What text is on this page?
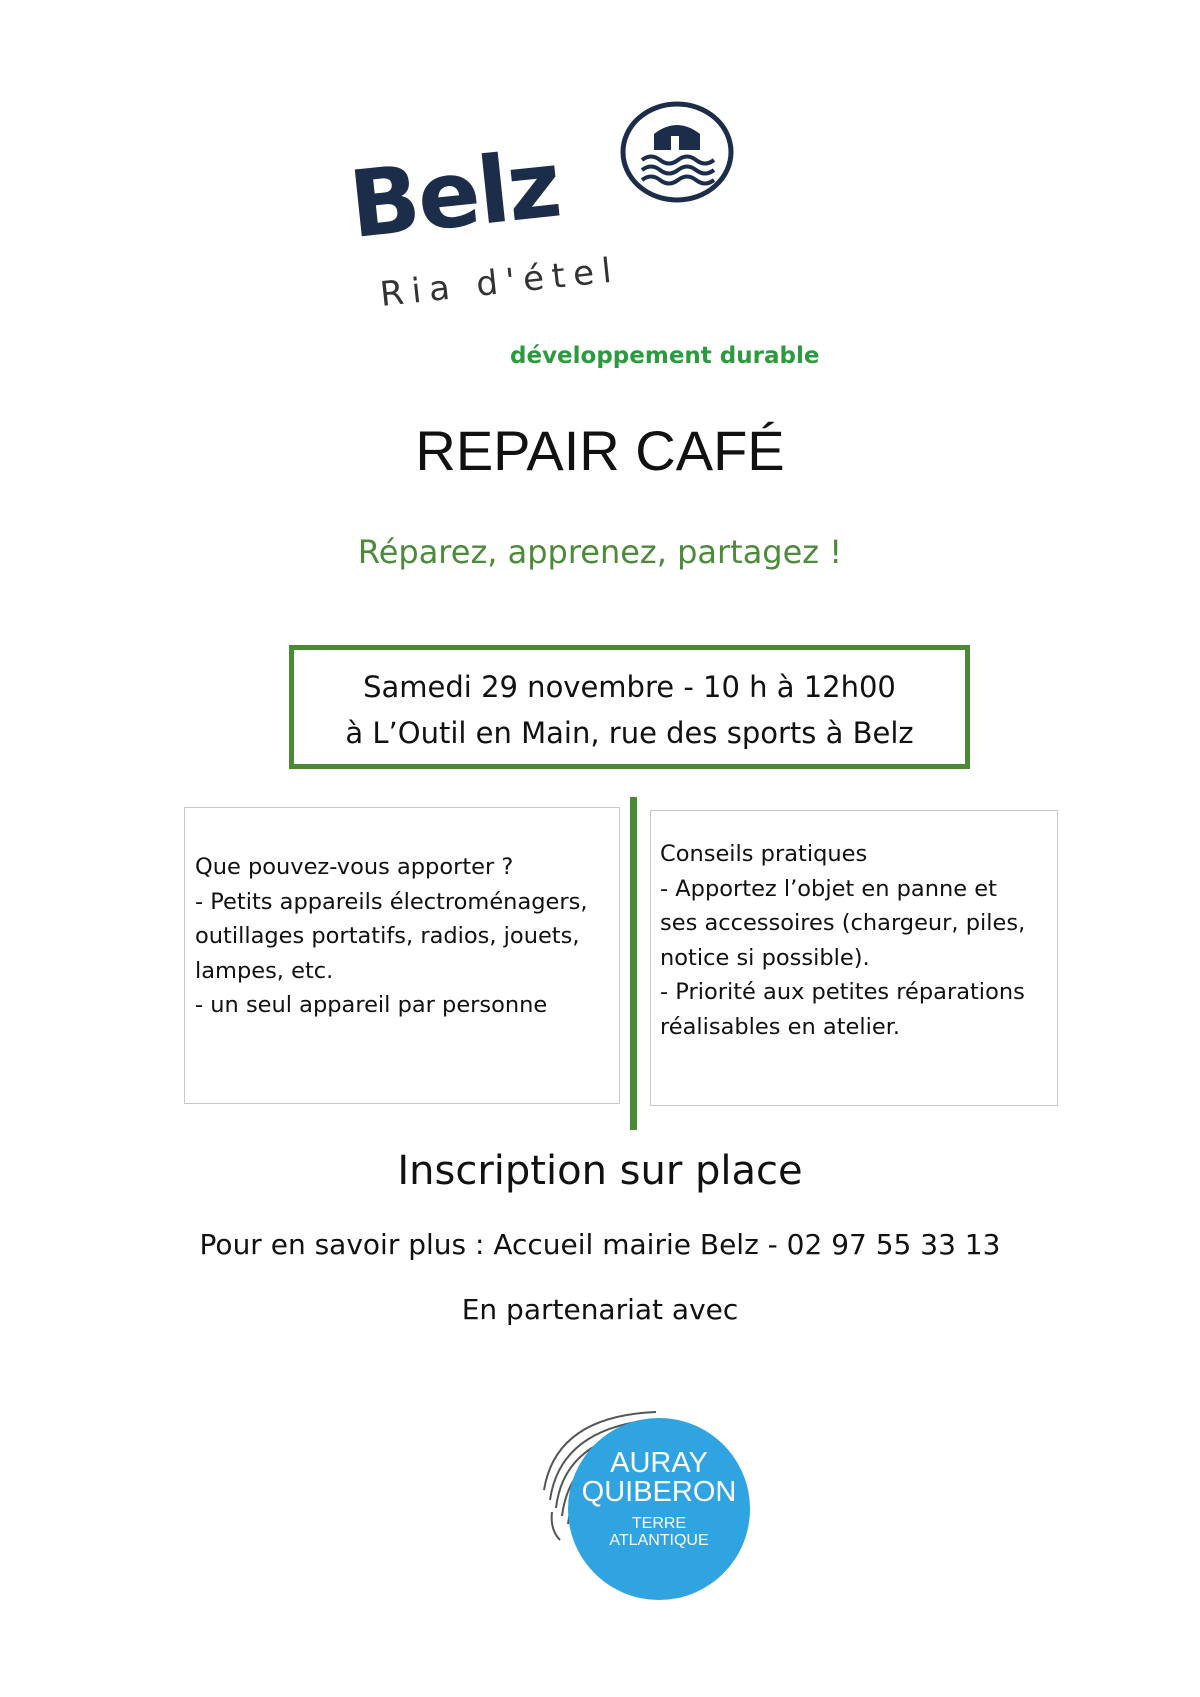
Belz
Ria d'étel
développement durable
REPAIR CAFÉ
Réparez, apprenez, partagez !
Samedi 29 novembre - 10 h à 12h00
à L’Outil en Main, rue des sports à Belz
Que pouvez-vous apporter ?
- Petits appareils électroménagers,
outillages portatifs, radios, jouets,
lampes, etc.
- un seul appareil par personne
Conseils pratiques
- Apportez l’objet en panne et
ses accessoires (chargeur, piles,
notice si possible).
- Priorité aux petites réparations
réalisables en atelier.
Inscription sur place
Pour en savoir plus : Accueil mairie Belz - 02 97 55 33 13
En partenariat avec
AURAY
QUIBERON
TERRE
ATLANTIQUE
